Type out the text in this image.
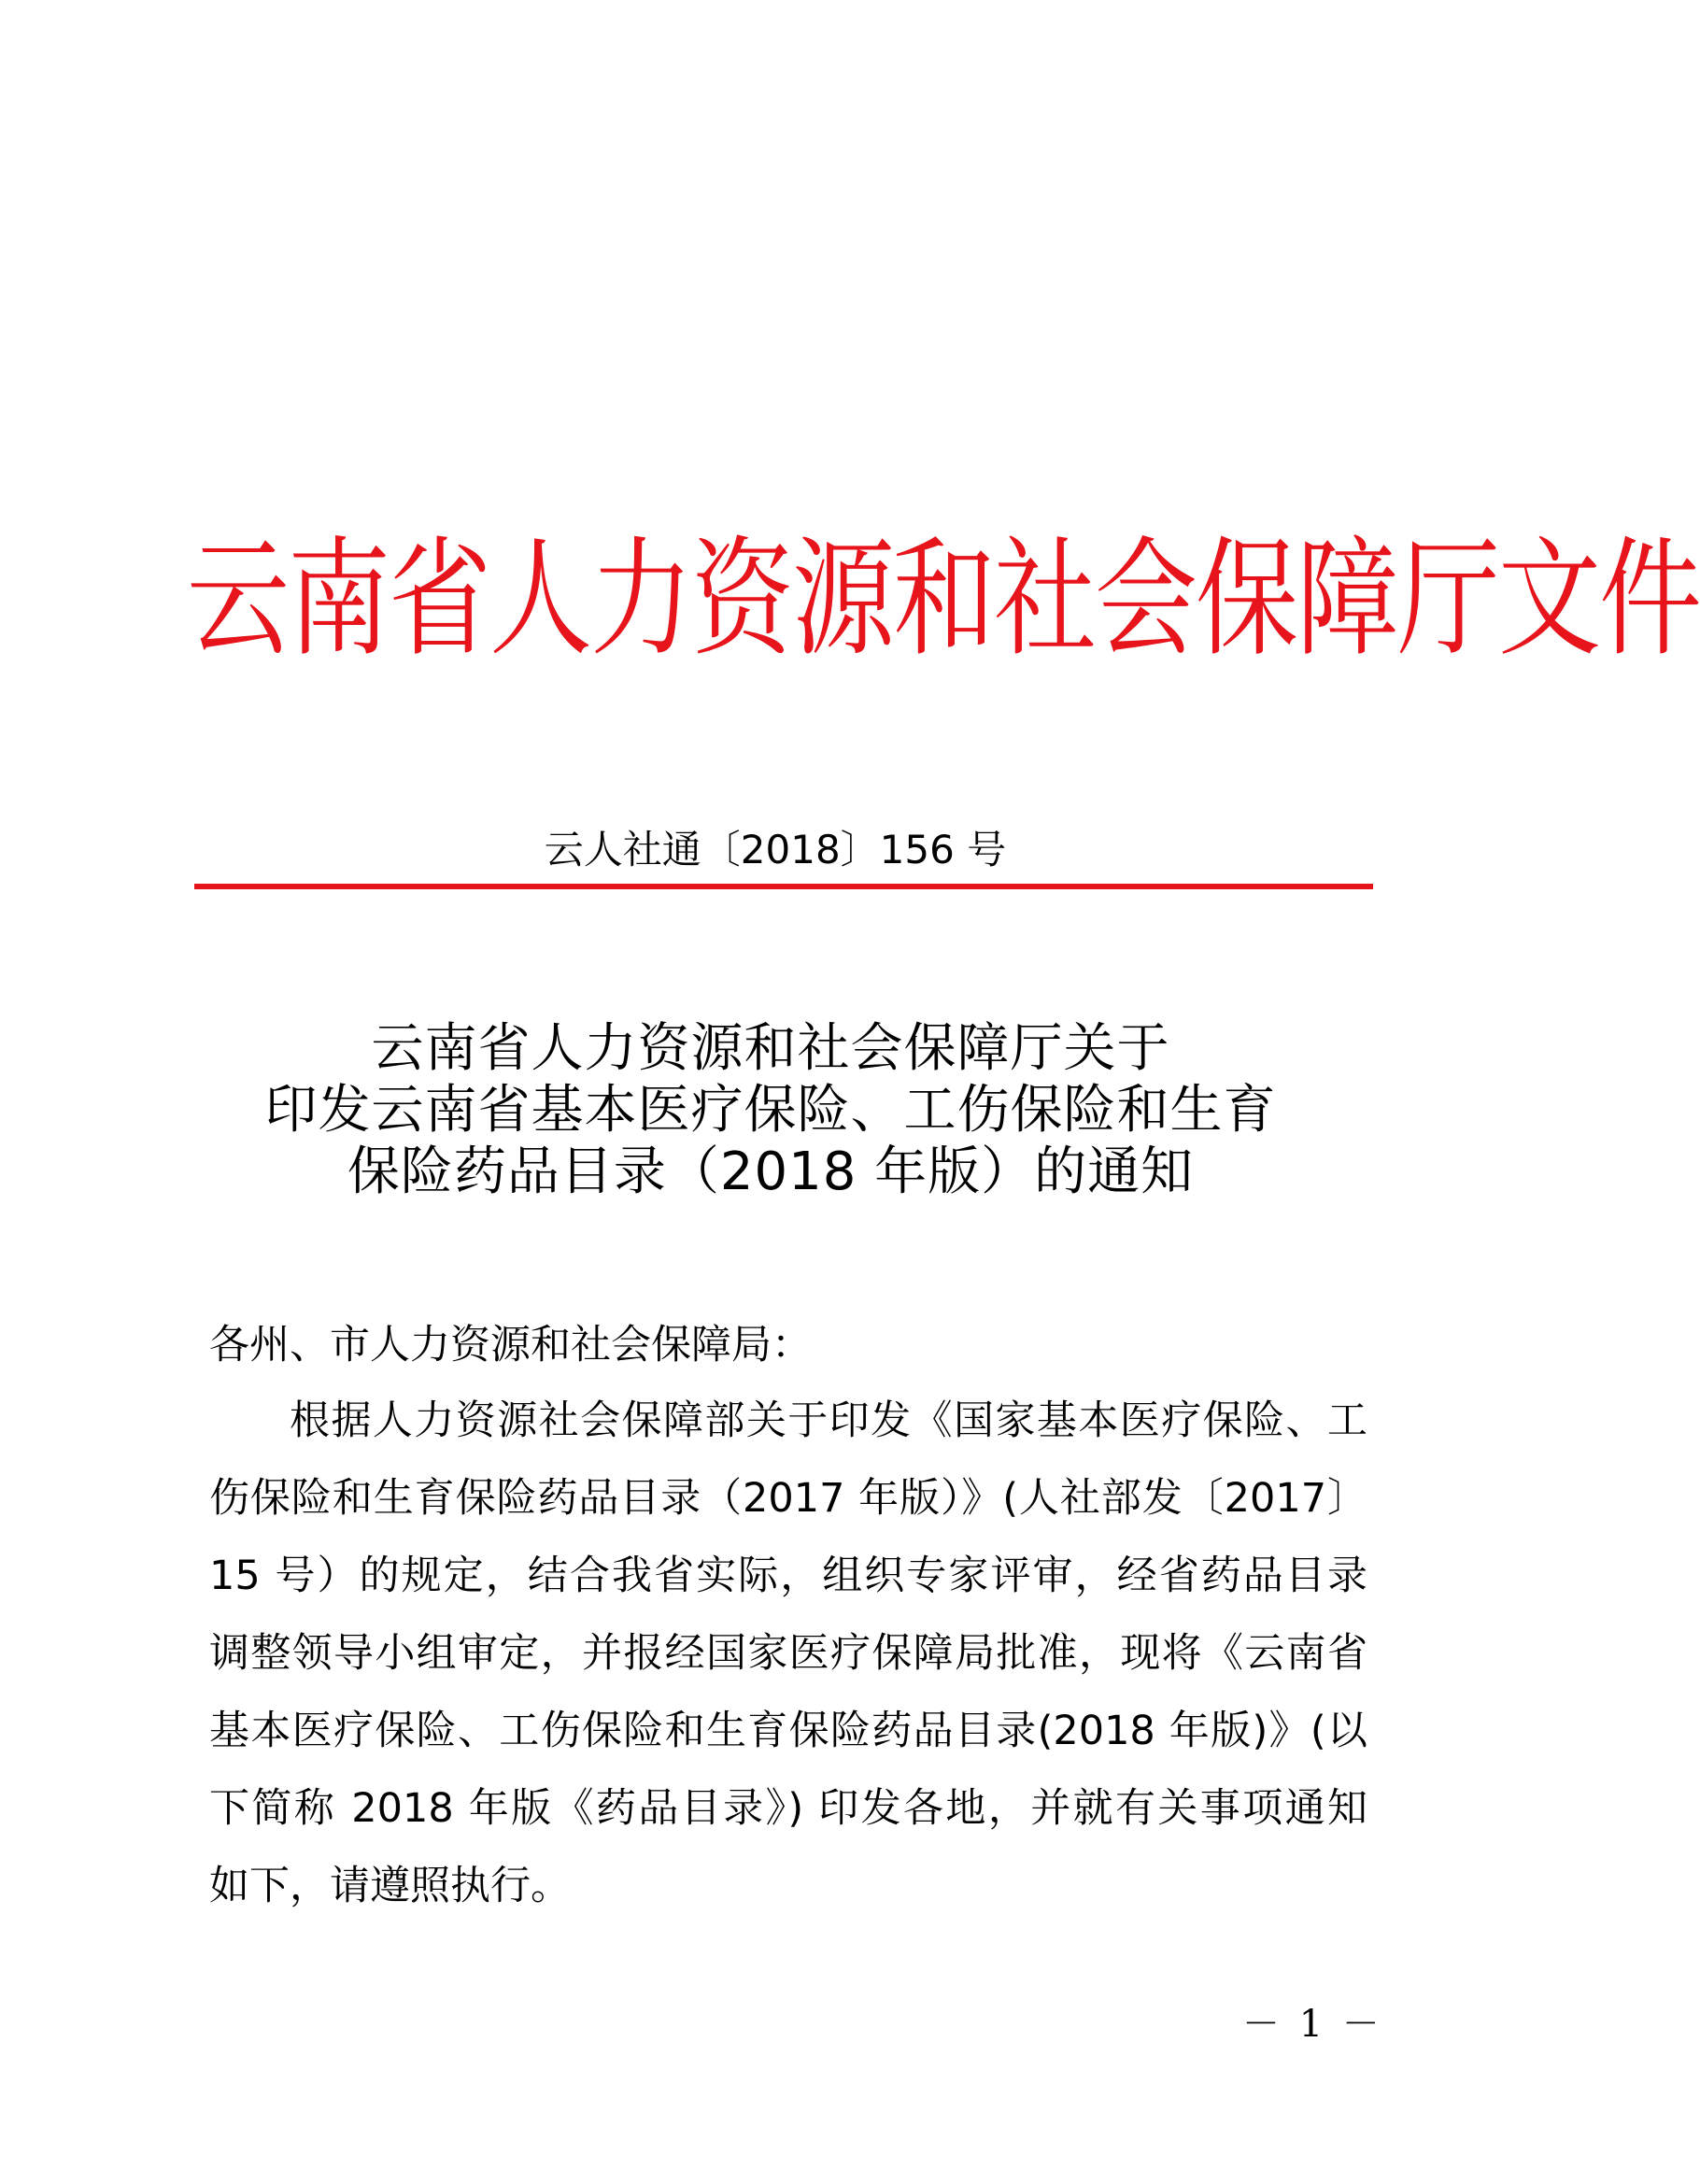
云南省人力资源和社会保障厅文件
云人社通〔2018〕156 号
云南省人力资源和社会保障厅关于
印发云南省基本医疗保险、工伤保险和生育
保险药品目录（2018 年版）的通知
各州、市人力资源和社会保障局：
根据人力资源社会保障部关于印发《国家基本医疗保险、工
伤保险和生育保险药品目录（2017 年版）》(人社部发〔2017〕
15 号）的规定，结合我省实际，组织专家评审，经省药品目录
调整领导小组审定，并报经国家医疗保障局批准，现将《云南省
基本医疗保险、工伤保险和生育保险药品目录(2018 年版)》(以
下简称 2018 年版《药品目录》) 印发各地，并就有关事项通知
如下，请遵照执行。
－ 1 －
